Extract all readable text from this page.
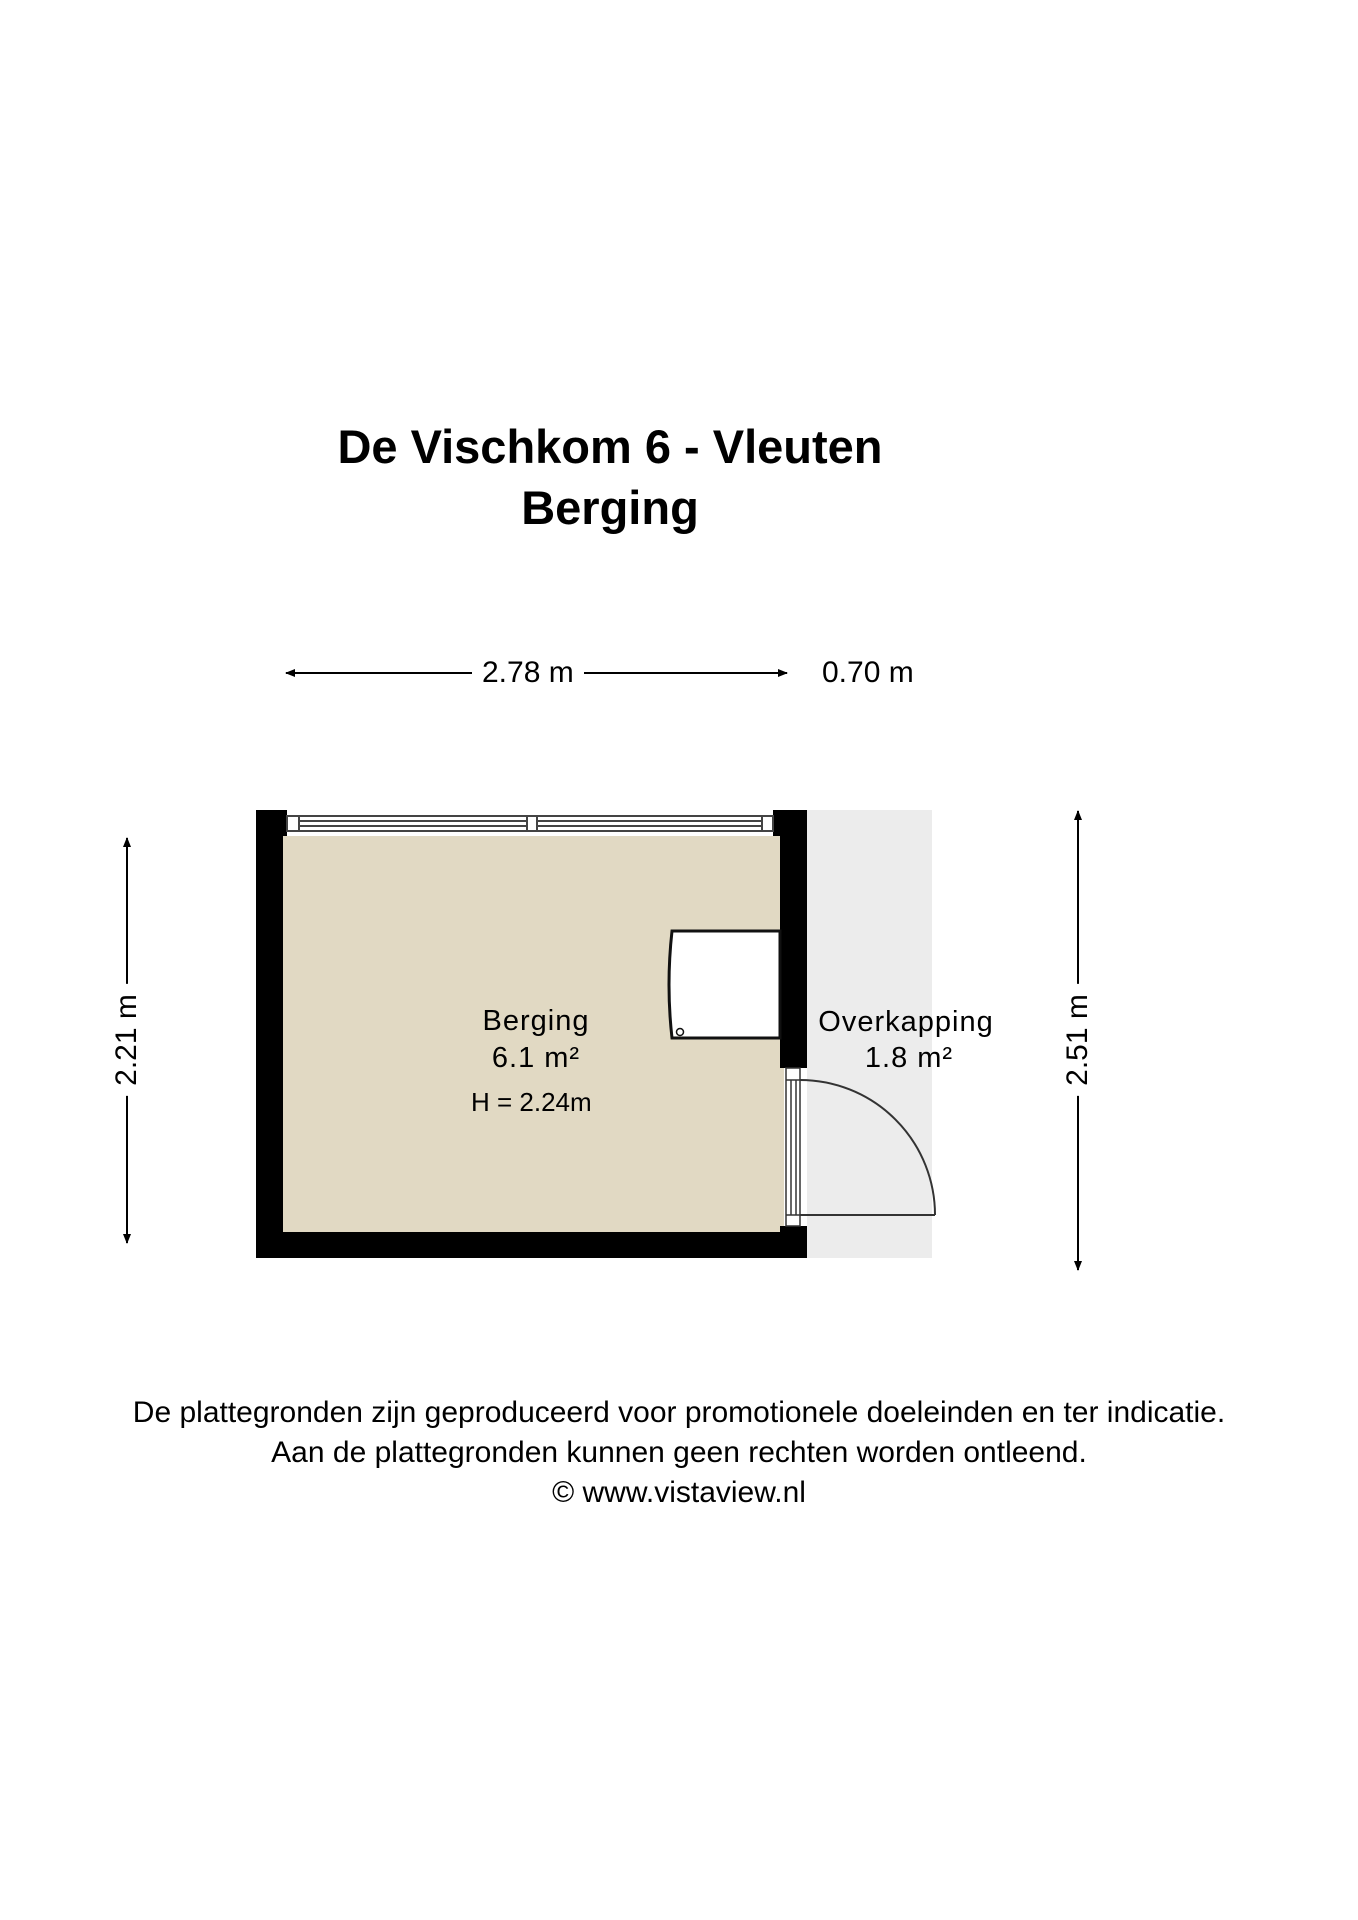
De Vischkom 6 - Vleuten
Berging
2.78 m	0.70 m
2.21 m	2.51 m
Berging
6.1 m²
H = 2.24m
Overkapping
1.8 m²
De plattegronden zijn geproduceerd voor promotionele doeleinden en ter indicatie.
Aan de plattegronden kunnen geen rechten worden ontleend.
© www.vistaview.nl
